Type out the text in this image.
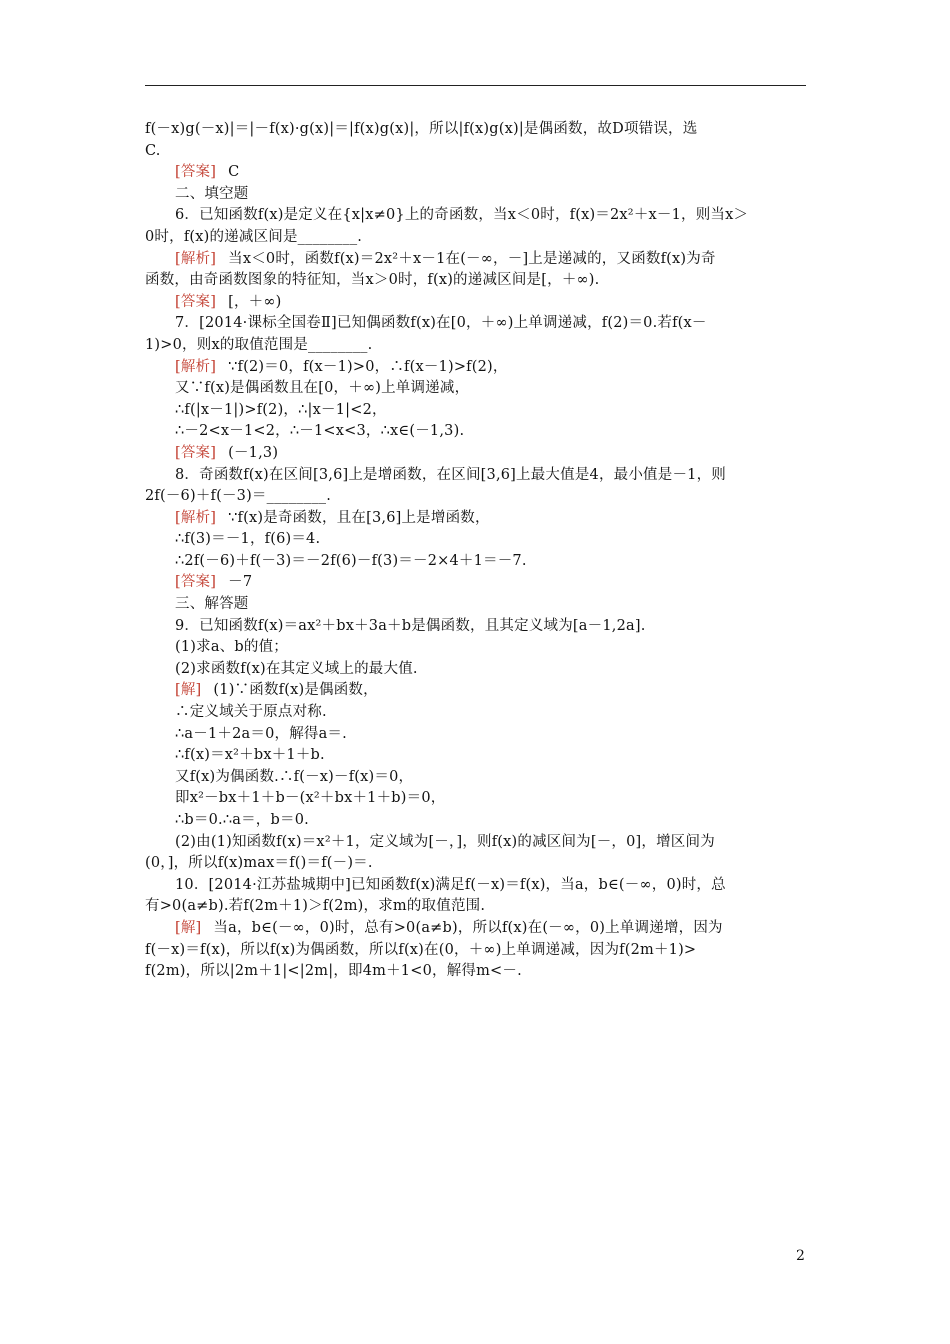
f(－x)g(－x)|＝|－f(x)·g(x)|＝|f(x)g(x)|，所以|f(x)g(x)|是偶函数，故D项错误，选
C.
[答案] C
二、填空题
6．已知函数f(x)是定义在{x|x≠0}上的奇函数，当x＜0时，f(x)＝2x²＋x－1，则当x＞
0时，f(x)的递减区间是________.
[解析] 当x＜0时，函数f(x)＝2x²＋x－1在(－∞，－]上是递减的，又函数f(x)为奇
函数，由奇函数图象的特征知，当x＞0时，f(x)的递减区间是[，＋∞).
[答案] [，＋∞)
7．[2014·课标全国卷Ⅱ]已知偶函数f(x)在[0，＋∞)上单调递减，f(2)＝0.若f(x－
1)>0，则x的取值范围是________.
[解析] ∵f(2)＝0，f(x－1)>0，∴f(x－1)>f(2)，
又∵f(x)是偶函数且在[0，＋∞)上单调递减，
∴f(|x－1|)>f(2)，∴|x－1|<2，
∴－2<x－1<2，∴－1<x<3，∴x∈(－1,3).
[答案] (－1,3)
8．奇函数f(x)在区间[3,6]上是增函数，在区间[3,6]上最大值是4，最小值是－1，则
2f(－6)＋f(－3)＝________.
[解析] ∵f(x)是奇函数，且在[3,6]上是增函数，
∴f(3)＝－1，f(6)＝4.
∴2f(－6)＋f(－3)＝－2f(6)－f(3)＝－2×4＋1＝－7.
[答案] －7
三、解答题
9．已知函数f(x)＝ax²＋bx＋3a＋b是偶函数，且其定义域为[a－1,2a].
(1)求a、b的值；
(2)求函数f(x)在其定义域上的最大值.
[解] (1)∵函数f(x)是偶函数，
∴定义域关于原点对称.
∴a－1＋2a＝0，解得a＝.
∴f(x)＝x²＋bx＋1＋b.
又f(x)为偶函数.∴f(－x)－f(x)＝0，
即x²－bx＋1＋b－(x²＋bx＋1＋b)＝0，
∴b＝0.∴a＝，b＝0.
(2)由(1)知函数f(x)＝x²＋1，定义域为[－，]，则f(x)的减区间为[－，0]，增区间为
(0，]，所以f(x)max＝f()＝f(－)＝.
10．[2014·江苏盐城期中]已知函数f(x)满足f(－x)＝f(x)，当a，b∈(－∞，0)时，总
有>0(a≠b).若f(2m＋1)＞f(2m)，求m的取值范围.
[解] 当a，b∈(－∞，0)时，总有>0(a≠b)，所以f(x)在(－∞，0)上单调递增，因为
f(－x)＝f(x)，所以f(x)为偶函数，所以f(x)在(0，＋∞)上单调递减，因为f(2m＋1)>
f(2m)，所以|2m＋1|<|2m|，即4m＋1<0，解得m<－.
2
